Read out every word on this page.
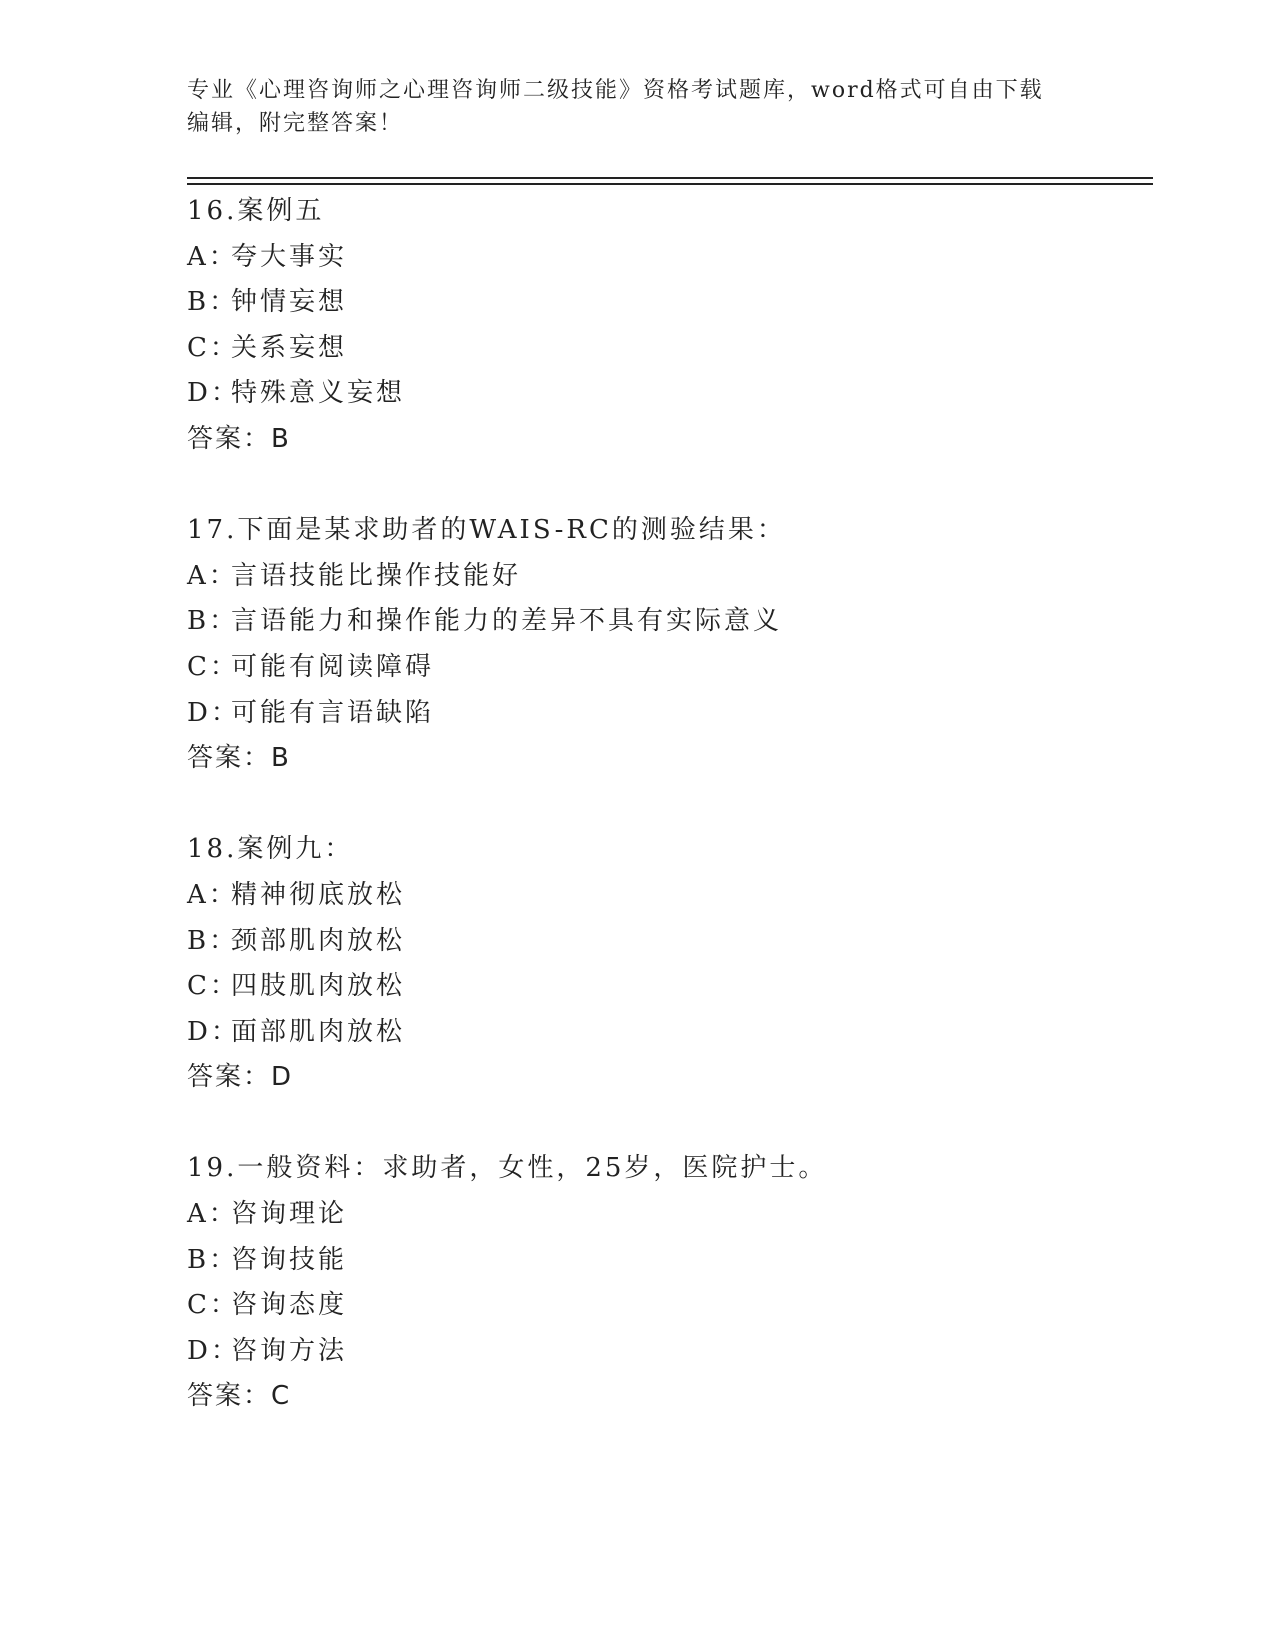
专业《心理咨询师之心理咨询师二级技能》资格考试题库，word格式可自由下载
编辑，附完整答案！
16.案例五
A：夸大事实
B：钟情妄想
C：关系妄想
D：特殊意义妄想
答案：B
17.下面是某求助者的WAIS-RC的测验结果：
A：言语技能比操作技能好
B：言语能力和操作能力的差异不具有实际意义
C：可能有阅读障碍
D：可能有言语缺陷
答案：B
18.案例九：
A：精神彻底放松
B：颈部肌肉放松
C：四肢肌肉放松
D：面部肌肉放松
答案：D
19.一般资料：求助者，女性，25岁，医院护士。
A：咨询理论
B：咨询技能
C：咨询态度
D：咨询方法
答案：C
